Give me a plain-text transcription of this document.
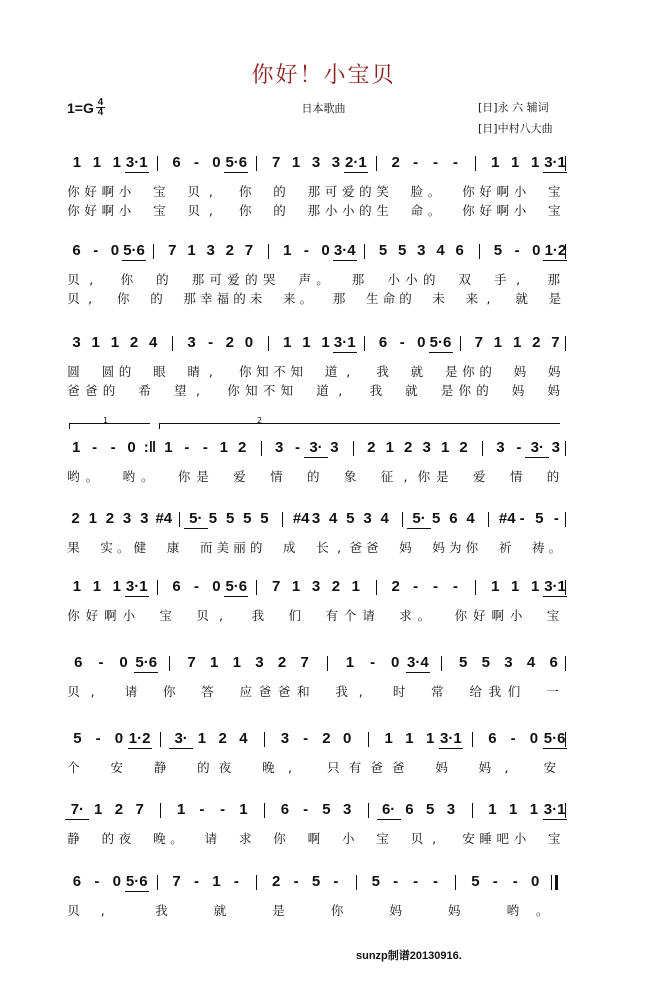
你好！小宝贝
1=G 4
4	日本歌曲	[日]永 六 辅词
[日]中村八大曲
1 1 1 3·1 6 - 0 5·6 7 1 3 3 2·1 2 - - - 1 1 1 3·1
你 好 啊 小 宝 贝 ,	你 的 那 可 爱 的 笑 脸 。 你 好 啊 小 宝
你 好 啊 小 宝 贝 ,	你 的 那 小 小 的 生 命 。 你 好 啊 小 宝
6 - 0 5·6 7 1 3 2 7 1 - 0 3·4 5 5 3 4 6 5 - 0 1·2
贝 ,	你 的 那 可 爱 的 哭 声 。 那 小 小 的 双 手 ,	那
贝 ,	你 的 那 幸 福 的 未 来 。 那 生 命 的 未 来 ,	就 是
3 1 1 2 4 3 - 2 0 1 1 1 3·1 6 - 0 5·6 7 1 1 2 7
圆 圆 的 眼 睛 ,	你 知 不 知 道 ,	我 就 是 你 的 妈 妈
爸 爸 的 希 望 ,	你 知 不 知 道 ,	我 就 是 你 的 妈 妈
1 - - 0 :‖ 1 - - 1 2 3 - 3· 3 2 1 2 3 1 2 3 - 3· 3
1	2
哟 。 哟 。 你 是 爱 情 的 象 征 , 你 是 爱 情 的
2 1 2 3 3 #4	5· 5 5 5 5 #4 3 4 5 3 4	5· 5 6 4 #4 - 5 -
果 实 。 健 康 而 美 丽 的 成 长 , 爸 爸 妈 妈 为 你 祈 祷 。
1 1 1 3·1 6 - 0 5·6 7 1 3 2 1 2 - - - 1 1 1 3·1
你 好 啊 小 宝 贝 ,	我 们 有 个 请 求 。 你 好 啊 小 宝
6 - 0 5·6 7 1 1 3 2 7 1 - 0 3·4 5 5 3 4 6
贝 ,	请 你 答 应 爸 爸 和 我 ,	时 常 给 我 们 一
5 - 0 1·2	3· 1 2 4 3 - 2 0 1 1 1 3·1 6 - 0 5·6
个 安 静 的 夜 晚	,	只 有 爸 爸 妈 妈	,	安
7· 1 2 7 1 - - 1 6 - 5 3	6· 6 5 3 1 1 1 3·1
静 的 夜 晚 。 请 求 你 啊 小 宝 贝 ,	安 睡 吧 小 宝
6 - 0 5·6 7 - 1 - 2 - 5 - 5 - - - 5 - - 0
贝	,	我	就	是	你	妈	妈	哟 。
sunzp制谱20130916.
